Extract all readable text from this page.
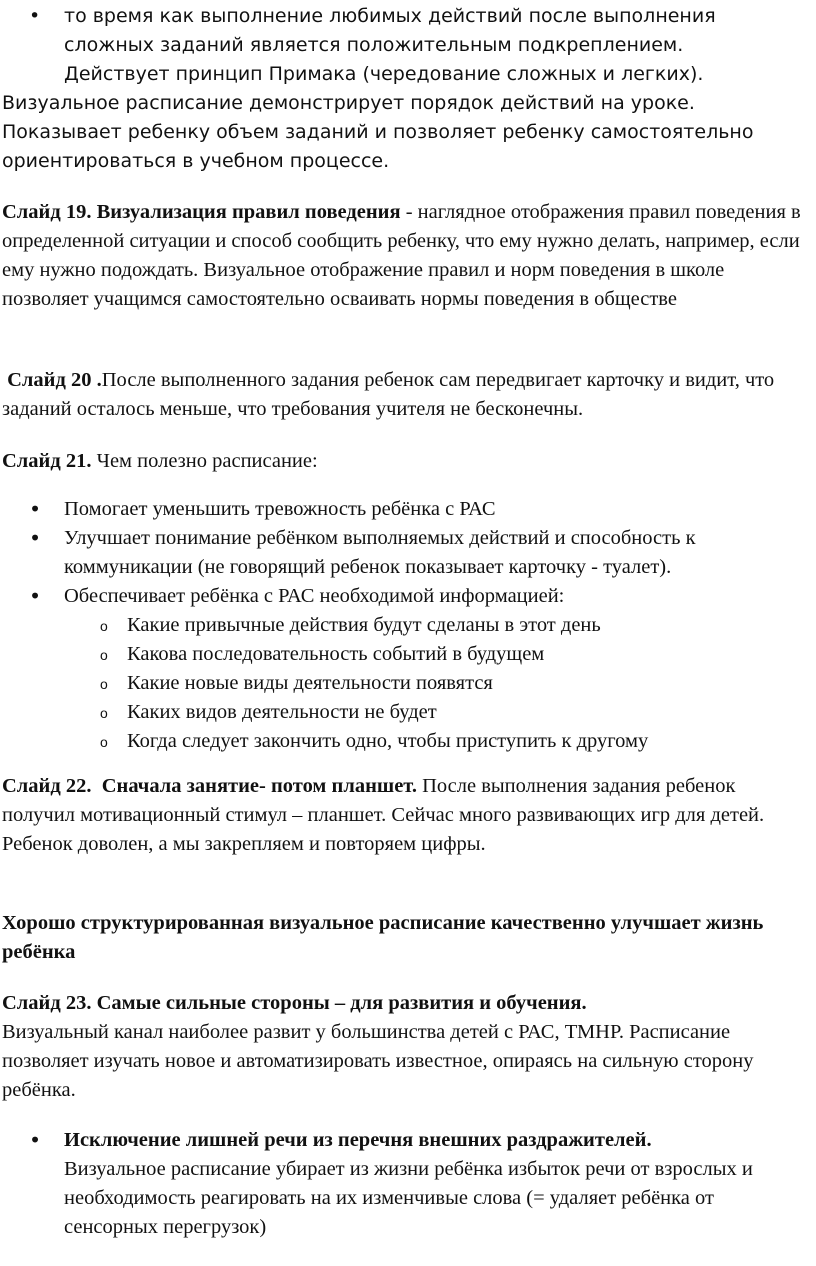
• то время как выполнение любимых действий после выполнения сложных заданий является положительным подкреплением.

Действует принцип Примака (чередование сложных и легких).

Визуальное расписание демонстрирует порядок действий на уроке. Показывает ребенку объем заданий и позволяет ребенку самостоятельно ориентироваться в учебном процессе.

Слайд 19. Визуализация правил поведения - наглядное отображения правил поведения в определенной ситуации и способ сообщить ребенку, что ему нужно делать, например, если ему нужно подождать. Визуальное отображение правил и норм поведения в школе позволяет учащимся самостоятельно осваивать нормы поведения в обществе

Слайд 20 .После выполненного задания ребенок сам передвигает карточку и видит, что заданий осталось меньше, что требования учителя не бесконечны.

Слайд 21. Чем полезно расписание:

• Помогает уменьшить тревожность ребёнка с РАС
• Улучшает понимание ребёнком выполняемых действий и способность к коммуникации (не говорящий ребенок показывает карточку - туалет).
• Обеспечивает ребёнка с РАС необходимой информацией:
o Какие привычные действия будут сделаны в этот день
o Какова последовательность событий в будущем
o Какие новые виды деятельности появятся
o Каких видов деятельности не будет
o Когда следует закончить одно, чтобы приступить к другому

Слайд 22.  Сначала занятие- потом планшет. После выполнения задания ребенок получил мотивационный стимул – планшет. Сейчас много развивающих игр для детей. Ребенок доволен, а мы закрепляем и повторяем цифры.

Хорошо структурированная визуальное расписание качественно улучшает жизнь ребёнка

Слайд 23. Самые сильные стороны – для развития и обучения.

Визуальный канал наиболее развит у большинства детей с РАС, ТМНР. Расписание позволяет изучать новое и автоматизировать известное, опираясь на сильную сторону ребёнка.

• Исключение лишней речи из перечня внешних раздражителей.
Визуальное расписание убирает из жизни ребёнка избыток речи от взрослых и необходимость реагировать на их изменчивые слова (= удаляет ребёнка от сенсорных перегрузок)
